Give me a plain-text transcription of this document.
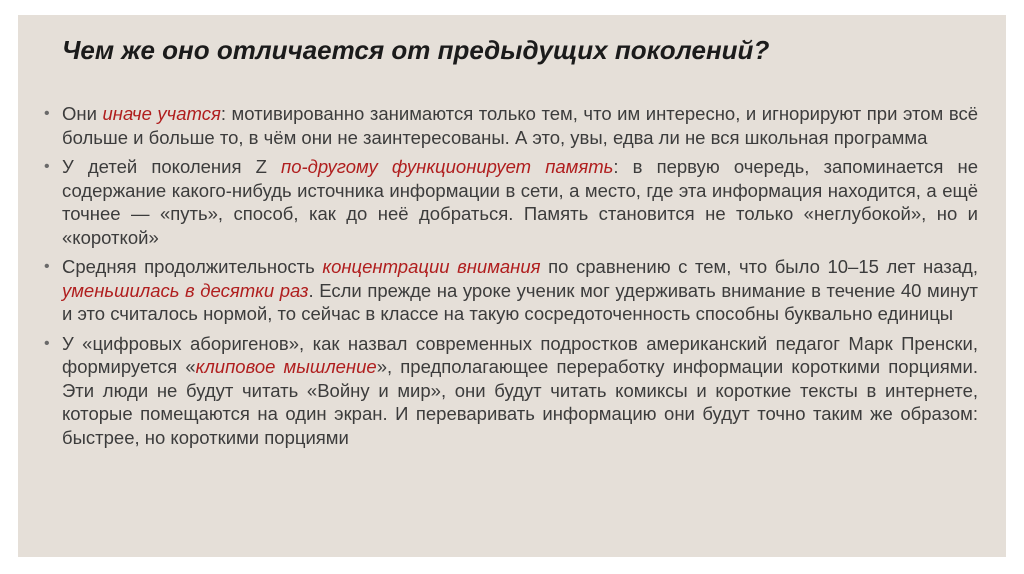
Чем же оно отличается от предыдущих поколений?
• Они иначе учатся: мотивированно занимаются только тем, что им интересно, и игнорируют при этом всё больше и больше то, в чём они не заинтересованы. А это, увы, едва ли не вся школьная программа
• У детей поколения Z по-другому функционирует память: в первую очередь, запоминается не содержание какого-нибудь источника информации в сети, а место, где эта информация находится, а ещё точнее — «путь», способ, как до неё добраться. Память становится не только «неглубокой», но и «короткой»
• Средняя продолжительность концентрации внимания по сравнению с тем, что было 10–15 лет назад, уменьшилась в десятки раз. Если прежде на уроке ученик мог удерживать внимание в течение 40 минут и это считалось нормой, то сейчас в классе на такую сосредоточенность способны буквально единицы
• У «цифровых аборигенов», как назвал современных подростков американский педагог Марк Пренски, формируется «клиповое мышление», предполагающее переработку информации короткими порциями. Эти люди не будут читать «Войну и мир», они будут читать комиксы и короткие тексты в интернете, которые помещаются на один экран. И переваривать информацию они будут точно таким же образом: быстрее, но короткими порциями
